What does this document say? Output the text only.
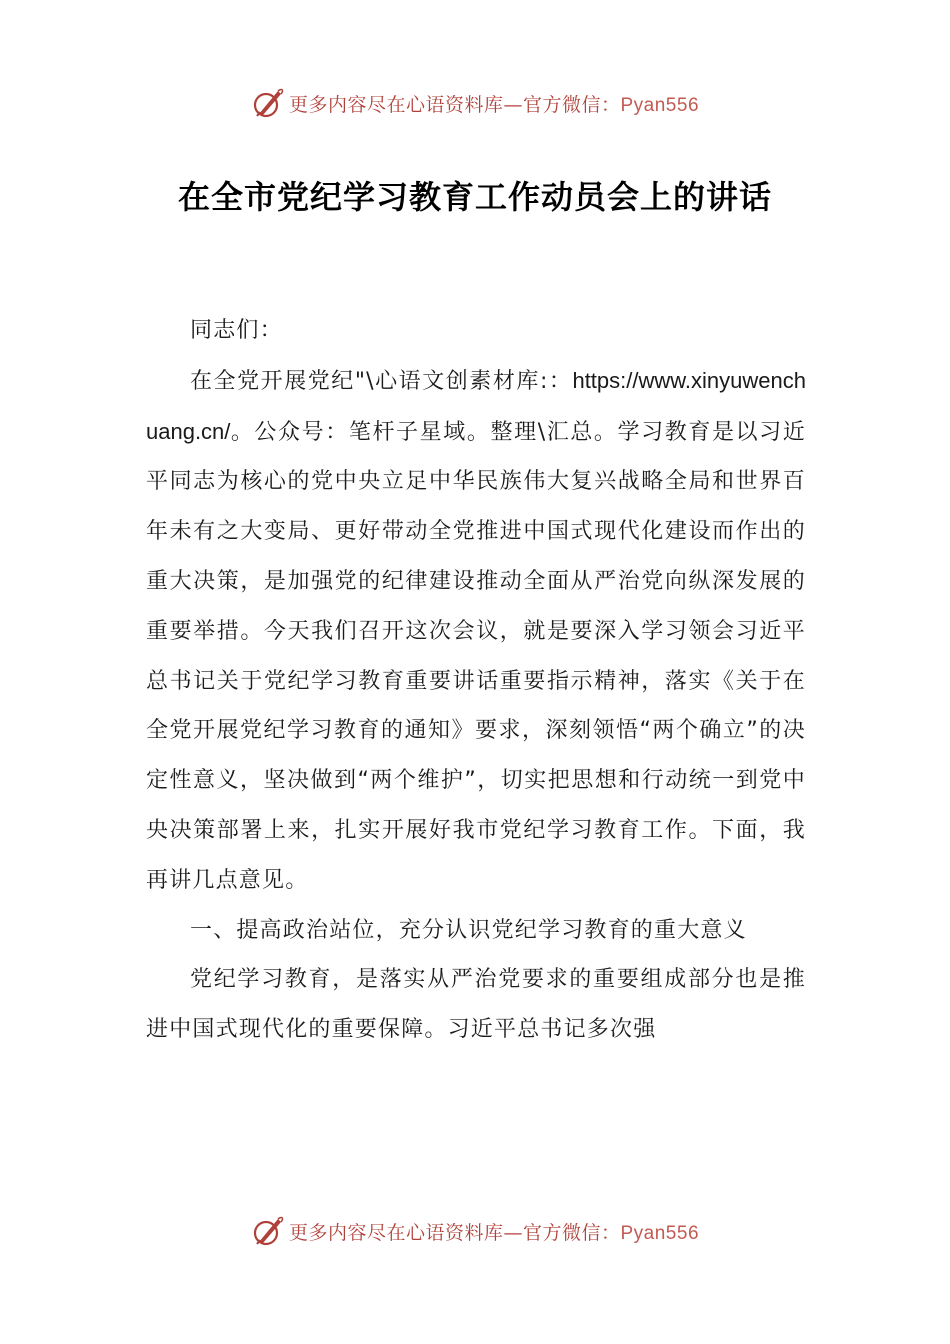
更多内容尽在心语资料库—官方微信：Pyan556
在全市党纪学习教育工作动员会上的讲话

同志们：

在全党开展党纪"\心语文创素材库:：https://www.xinyuwenchuang.cn/。公众号：笔杆子星域。整理\汇总。学习教育是以习近平同志为核心的党中央立足中华民族伟大复兴战略全局和世界百年未有之大变局、更好带动全党推进中国式现代化建设而作出的重大决策，是加强党的纪律建设推动全面从严治党向纵深发展的重要举措。今天我们召开这次会议，就是要深入学习领会习近平总书记关于党纪学习教育重要讲话重要指示精神，落实《关于在全党开展党纪学习教育的通知》要求，深刻领悟“两个确立”的决定性意义，坚决做到“两个维护”，切实把思想和行动统一到党中央决策部署上来，扎实开展好我市党纪学习教育工作。下面，我再讲几点意见。

一、提高政治站位，充分认识党纪学习教育的重大意义

党纪学习教育，是落实从严治党要求的重要组成部分也是推进中国式现代化的重要保障。习近平总书记多次强

更多内容尽在心语资料库—官方微信：Pyan556
